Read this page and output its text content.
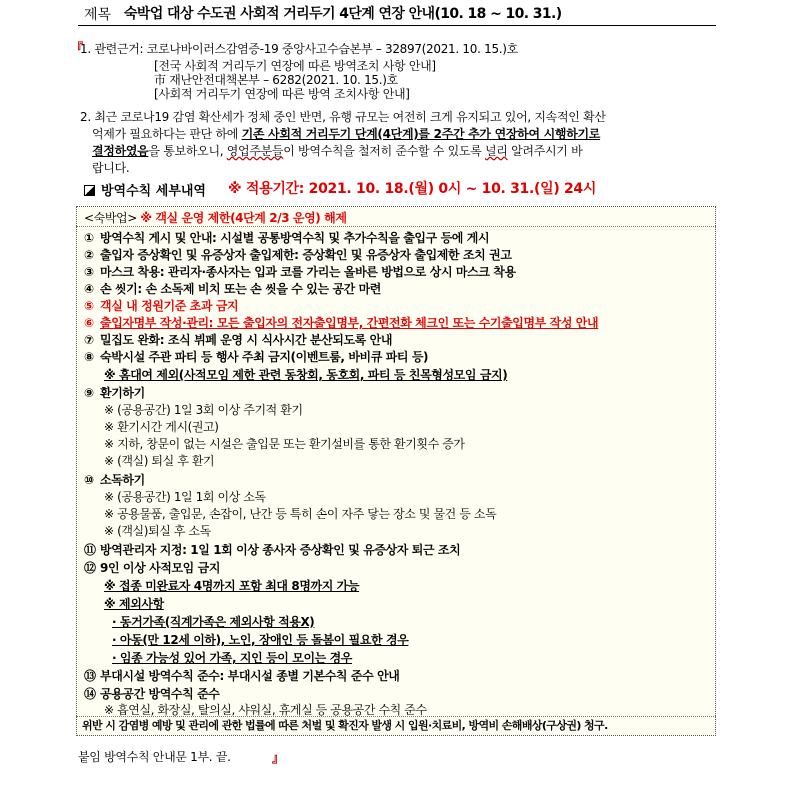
제목 숙박업 대상 수도권 사회적 거리두기 4단계 연장 안내(10. 18 ~ 10. 31.)
『
1. 관련근거: 코로나바이러스감염증-19 중앙사고수습본부 – 32897(2021. 10. 15.)호
[전국 사회적 거리두기 연장에 따른 방역조치 사항 안내]
市 재난안전대책본부 – 6282(2021. 10. 15.)호
[사회적 거리두기 연장에 따른 방역 조치사항 안내]
2. 최근 코로나19 감염 확산세가 정체 중인 반면, 유행 규모는 여전히 크게 유지되고 있어, 지속적인 확산
억제가 필요하다는 판단 하에 기존 사회적 거리두기 단계(4단계)를 2주간 추가 연장하여 시행하기로
결정하였음을 통보하오니, 영업주분들이 방역수칙을 철저히 준수할 수 있도록 널리 알려주시기 바
랍니다.
방역수칙 세부내역 ※ 적용기간: 2021. 10. 18.(월) 0시 ~ 10. 31.(일) 24시
<숙박업> ※ 객실 운영 제한(4단계 2/3 운영) 해제
① 방역수칙 게시 및 안내: 시설별 공통방역수칙 및 추가수칙을 출입구 등에 게시
② 출입자 증상확인 및 유증상자 출입제한: 증상확인 및 유증상자 출입제한 조치 권고
③ 마스크 착용: 관리자·종사자는 입과 코를 가리는 올바른 방법으로 상시 마스크 착용
④ 손 씻기: 손 소독제 비치 또는 손 씻을 수 있는 공간 마련
⑤ 객실 내 정원기준 초과 금지
⑥ 출입자명부 작성·관리: 모든 출입자의 전자출입명부, 간편전화 체크인 또는 수기출입명부 작성 안내
⑦ 밀집도 완화: 조식 뷔페 운영 시 식사시간 분산되도록 안내
⑧ 숙박시설 주관 파티 등 행사 주최 금지(이벤트룸, 바비큐 파티 등)
※ 홈대여 제외(사적모임 제한 관련 동창회, 동호회, 파티 등 친목형성모임 금지)
⑨ 환기하기
※ (공용공간) 1일 3회 이상 주기적 환기
※ 환기시간 게시(권고)
※ 지하, 창문이 없는 시설은 출입문 또는 환기설비를 통한 환기횟수 증가
※ (객실) 퇴실 후 환기
⑩ 소독하기
※ (공용공간) 1일 1회 이상 소독
※ 공용물품, 출입문, 손잡이, 난간 등 특히 손이 자주 닿는 장소 및 물건 등 소독
※ (객실)퇴실 후 소독
⑪ 방역관리자 지정: 1일 1회 이상 종사자 증상확인 및 유증상자 퇴근 조치
⑫ 9인 이상 사적모임 금지
※ 접종 미완료자 4명까지 포함 최대 8명까지 가능
※ 제외사항
· 동거가족(직계가족은 제외사항 적용X)
· 아동(만 12세 이하), 노인, 장애인 등 돌봄이 필요한 경우
· 임종 가능성 있어 가족, 지인 등이 모이는 경우
⑬ 부대시설 방역수칙 준수: 부대시설 종별 기본수칙 준수 안내
⑭ 공용공간 방역수칙 준수
※ 흡연실, 화장실, 탈의실, 샤워실, 휴게실 등 공용공간 수칙 준수
위반 시 감염병 예방 및 관리에 관한 법률에 따른 처벌 및 확진자 발생 시 입원·치료비, 방역비 손해배상(구상권) 청구.
붙임 방역수칙 안내문 1부. 끝.	』
